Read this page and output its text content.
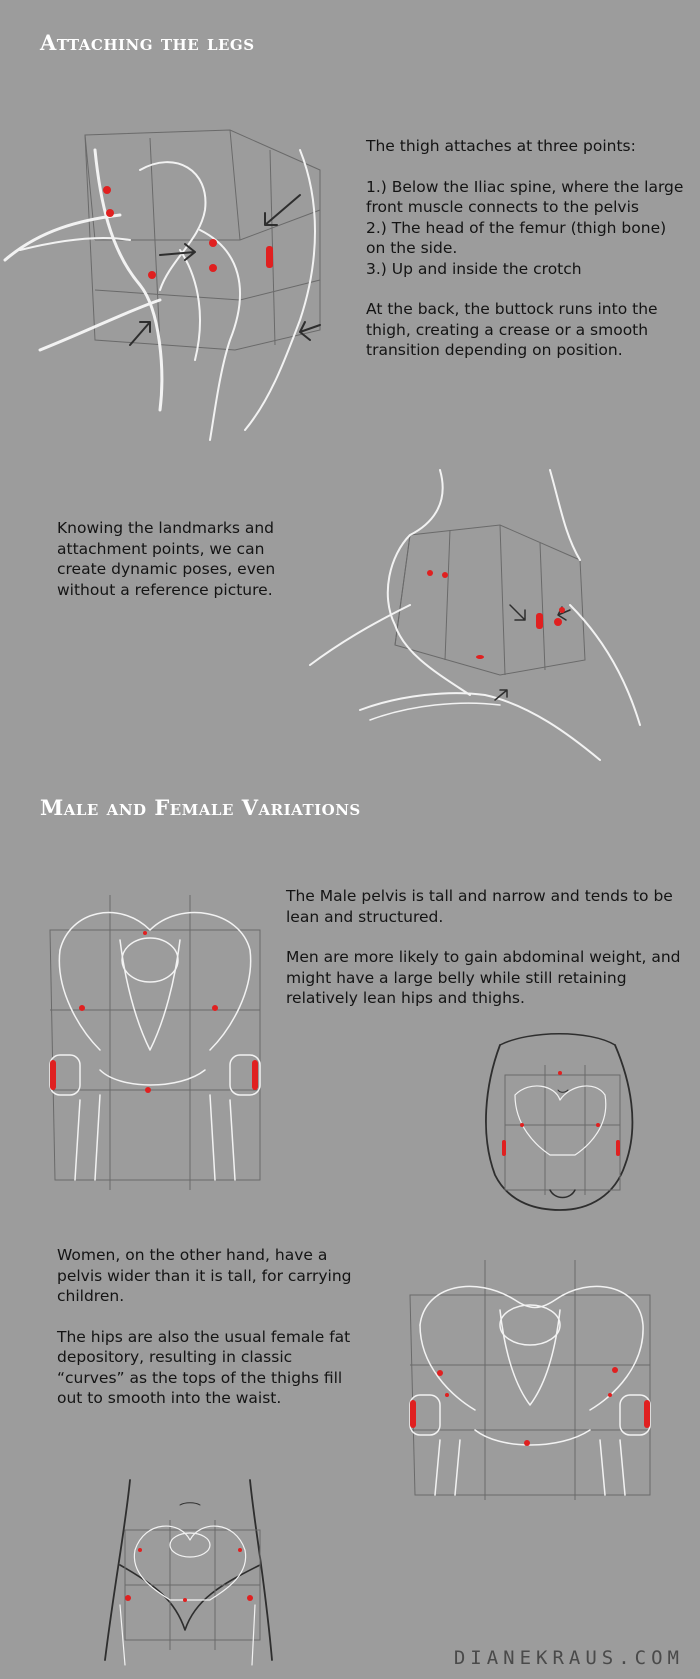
Attaching the legs

The thigh attaches at three points:

1.) Below the Iliac spine, where the large front muscle connects to the pelvis
2.) The head of the femur (thigh bone) on the side.
3.) Up and inside the crotch

At the back, the buttock runs into the thigh, creating a crease or a smooth transition depending on position.

Knowing the landmarks and attachment points, we can create dynamic poses, even without a reference picture.
Male and Female Variations

The Male pelvis is tall and narrow and tends to be lean and structured.

Men are more likely to gain abdominal weight, and might have a large belly while still retaining relatively lean hips and thighs.

Women, on the other hand, have a pelvis wider than it is tall, for carrying children.

The hips are also the usual female fat depository, resulting in classic “curves” as the tops of the thighs fill out to smooth into the waist.

DIANEKRAUS.COM
